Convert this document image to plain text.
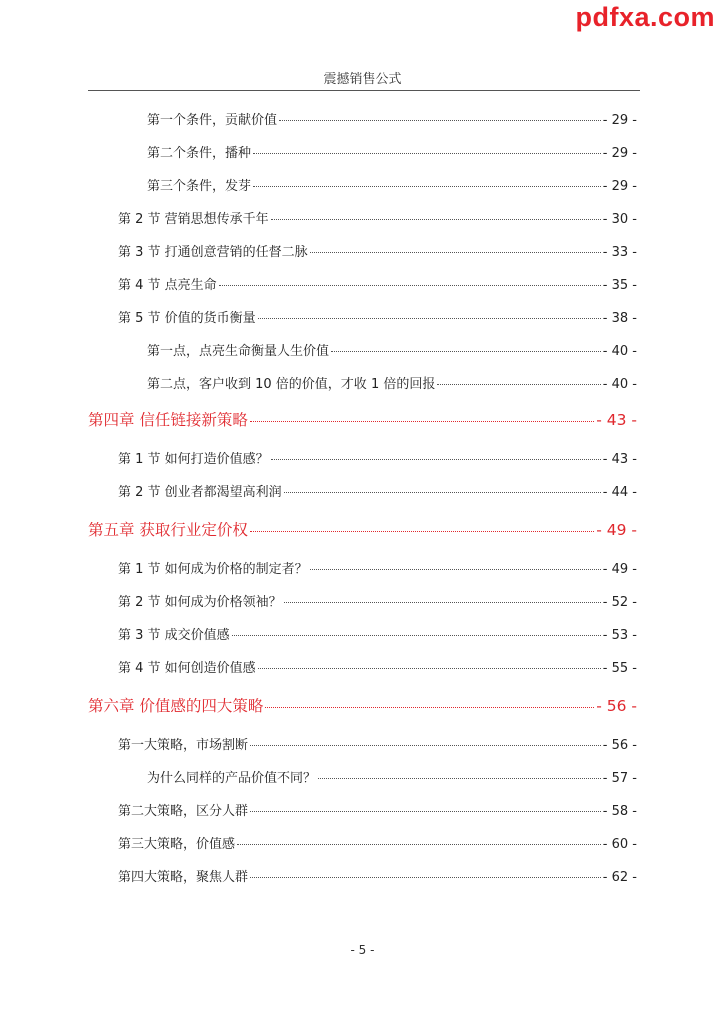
pdfxa.com
震撼销售公式
第一个条件，贡献价值	- 29 -
第二个条件，播种	- 29 -
第三个条件，发芽	- 29 -
第 2 节 营销思想传承千年	- 30 -
第 3 节 打通创意营销的任督二脉	- 33 -
第 4 节 点亮生命	- 35 -
第 5 节 价值的货币衡量	- 38 -
第一点，点亮生命衡量人生价值	- 40 -
第二点，客户收到 10 倍的价值，才收 1 倍的回报	- 40 -
第四章 信任链接新策略	- 43 -
第 1 节 如何打造价值感？	- 43 -
第 2 节 创业者都渴望高利润	- 44 -
第五章 获取行业定价权	- 49 -
第 1 节 如何成为价格的制定者？	- 49 -
第 2 节 如何成为价格领袖？	- 52 -
第 3 节 成交价值感	- 53 -
第 4 节 如何创造价值感	- 55 -
第六章 价值感的四大策略	- 56 -
第一大策略，市场割断	- 56 -
为什么同样的产品价值不同？	- 57 -
第二大策略，区分人群	- 58 -
第三大策略，价值感	- 60 -
第四大策略，聚焦人群	- 62 -
- 5 -
